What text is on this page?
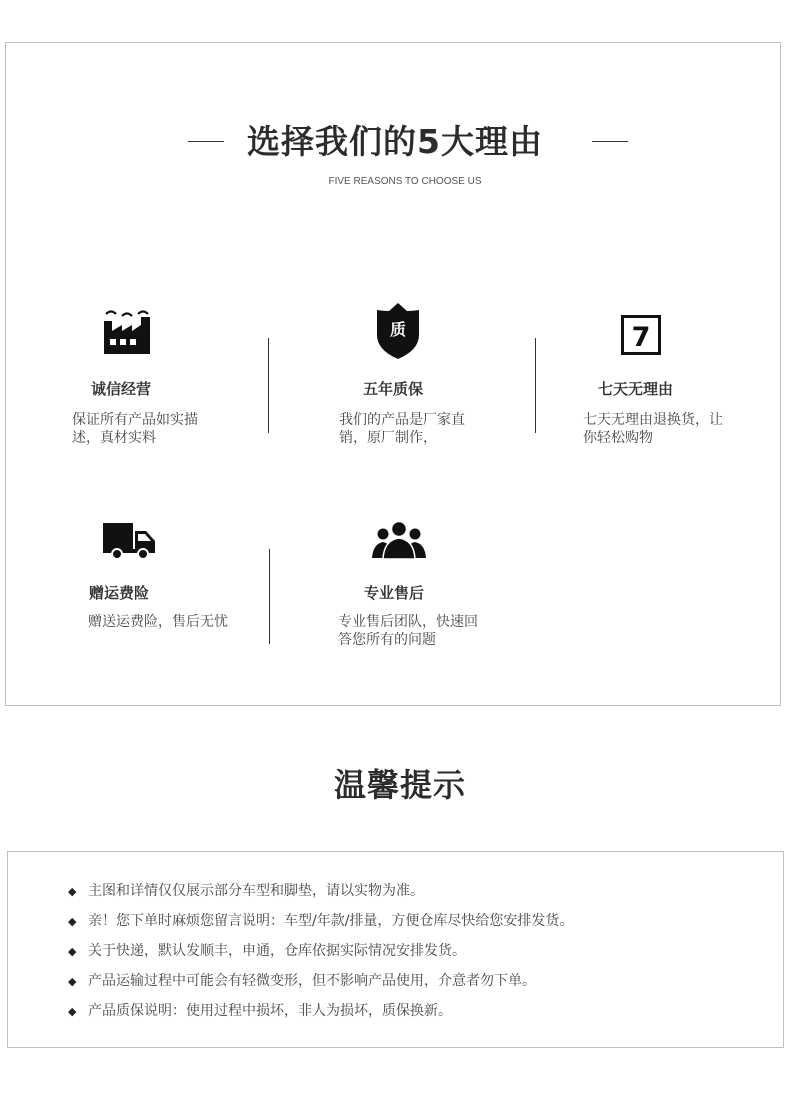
选择我们的5大理由
FIVE REASONS TO CHOOSE US
诚信经营
保证所有产品如实描述，真材实料
质
五年质保
我们的产品是厂家直销，原厂制作，
7
七天无理由
七天无理由退换货，让你轻松购物
赠运费险
赠送运费险，售后无忧
专业售后
专业售后团队，快速回答您所有的问题
温馨提示
◆ 主图和详情仅仅展示部分车型和脚垫，请以实物为准。
◆ 亲！您下单时麻烦您留言说明：车型/年款/排量，方便仓库尽快给您安排发货。
◆ 关于快递，默认发顺丰，申通，仓库依据实际情况安排发货。
◆ 产品运输过程中可能会有轻微变形，但不影响产品使用，介意者勿下单。
◆ 产品质保说明：使用过程中损坏，非人为损坏，质保换新。
